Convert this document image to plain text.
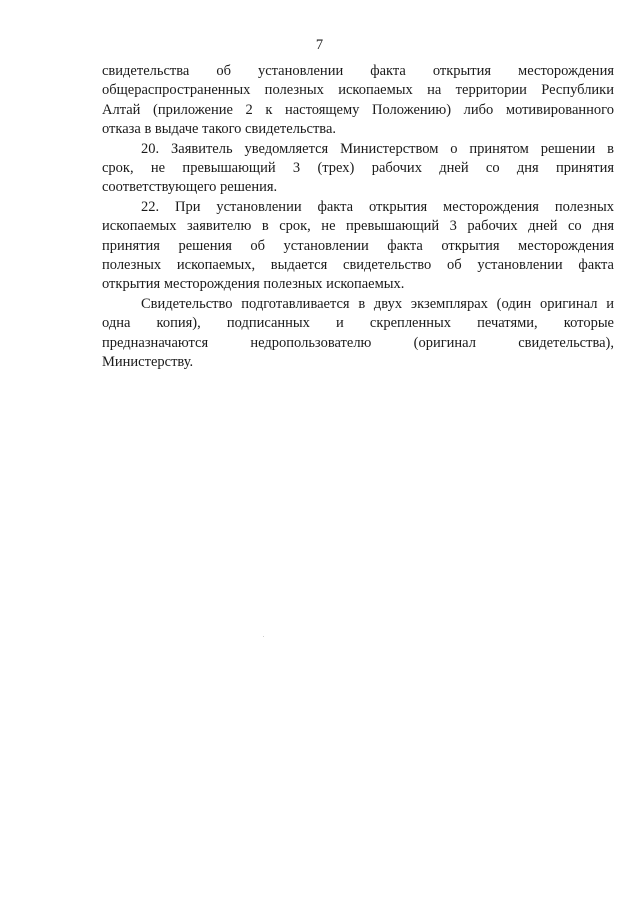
7

свидетельства об установлении факта открытия месторождения
общераспространенных полезных ископаемых на территории Республики
Алтай (приложение 2 к настоящему Положению) либо мотивированного
отказа в выдаче такого свидетельства.

20. Заявитель уведомляется Министерством о принятом решении в
срок, не превышающий 3 (трех) рабочих дней со дня принятия
соответствующего решения.

22. При установлении факта открытия месторождения полезных
ископаемых заявителю в срок, не превышающий 3 рабочих дней со дня
принятия решения об установлении факта открытия месторождения
полезных ископаемых, выдается свидетельство об установлении факта
открытия месторождения полезных ископаемых.

Свидетельство подготавливается в двух экземплярах (один оригинал и
одна копия), подписанных и скрепленных печатями, которые
предназначаются недропользователю (оригинал свидетельства),
Министерству.
